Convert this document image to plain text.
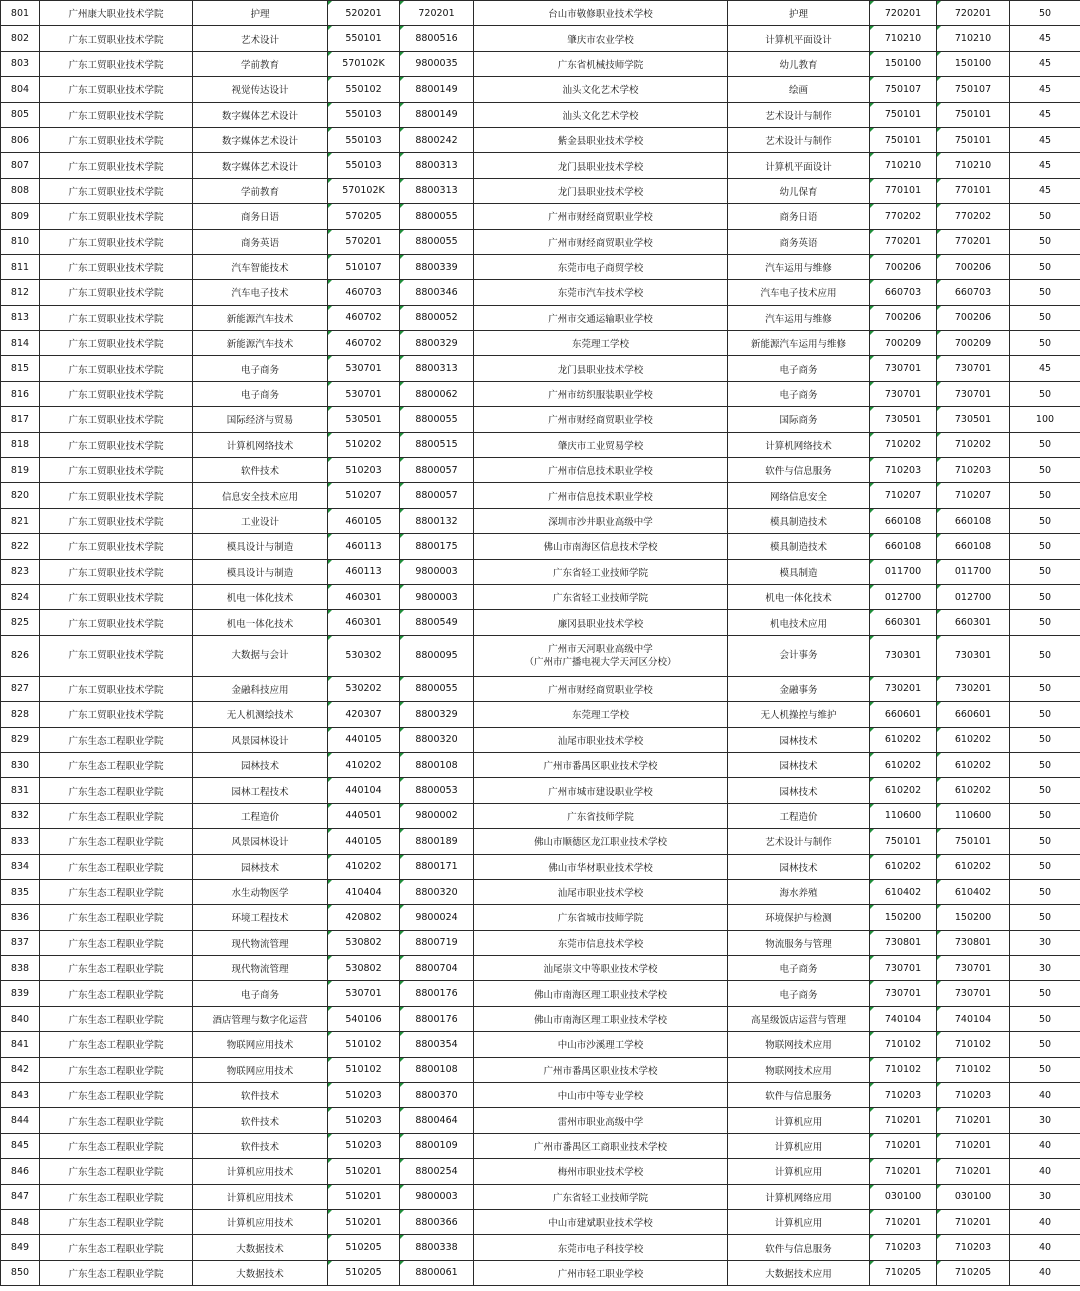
801	广州康大职业技术学院	护理	520201	720201	台山市敬修职业技术学校	护理	720201	720201	50
802	广东工贸职业技术学院	艺术设计	550101	8800516	肇庆市农业学校	计算机平面设计	710210	710210	45
803	广东工贸职业技术学院	学前教育	570102K	9800035	广东省机械技师学院	幼儿教育	150100	150100	45
804	广东工贸职业技术学院	视觉传达设计	550102	8800149	汕头文化艺术学校	绘画	750107	750107	45
805	广东工贸职业技术学院	数字媒体艺术设计	550103	8800149	汕头文化艺术学校	艺术设计与制作	750101	750101	45
806	广东工贸职业技术学院	数字媒体艺术设计	550103	8800242	紫金县职业技术学校	艺术设计与制作	750101	750101	45
807	广东工贸职业技术学院	数字媒体艺术设计	550103	8800313	龙门县职业技术学校	计算机平面设计	710210	710210	45
808	广东工贸职业技术学院	学前教育	570102K	8800313	龙门县职业技术学校	幼儿保育	770101	770101	45
809	广东工贸职业技术学院	商务日语	570205	8800055	广州市财经商贸职业学校	商务日语	770202	770202	50
810	广东工贸职业技术学院	商务英语	570201	8800055	广州市财经商贸职业学校	商务英语	770201	770201	50
811	广东工贸职业技术学院	汽车智能技术	510107	8800339	东莞市电子商贸学校	汽车运用与维修	700206	700206	50
812	广东工贸职业技术学院	汽车电子技术	460703	8800346	东莞市汽车技术学校	汽车电子技术应用	660703	660703	50
813	广东工贸职业技术学院	新能源汽车技术	460702	8800052	广州市交通运输职业学校	汽车运用与维修	700206	700206	50
814	广东工贸职业技术学院	新能源汽车技术	460702	8800329	东莞理工学校	新能源汽车运用与维修	700209	700209	50
815	广东工贸职业技术学院	电子商务	530701	8800313	龙门县职业技术学校	电子商务	730701	730701	45
816	广东工贸职业技术学院	电子商务	530701	8800062	广州市纺织服装职业学校	电子商务	730701	730701	50
817	广东工贸职业技术学院	国际经济与贸易	530501	8800055	广州市财经商贸职业学校	国际商务	730501	730501	100
818	广东工贸职业技术学院	计算机网络技术	510202	8800515	肇庆市工业贸易学校	计算机网络技术	710202	710202	50
819	广东工贸职业技术学院	软件技术	510203	8800057	广州市信息技术职业学校	软件与信息服务	710203	710203	50
820	广东工贸职业技术学院	信息安全技术应用	510207	8800057	广州市信息技术职业学校	网络信息安全	710207	710207	50
821	广东工贸职业技术学院	工业设计	460105	8800132	深圳市沙井职业高级中学	模具制造技术	660108	660108	50
822	广东工贸职业技术学院	模具设计与制造	460113	8800175	佛山市南海区信息技术学校	模具制造技术	660108	660108	50
823	广东工贸职业技术学院	模具设计与制造	460113	9800003	广东省轻工业技师学院	模具制造	011700	011700	50
824	广东工贸职业技术学院	机电一体化技术	460301	9800003	广东省轻工业技师学院	机电一体化技术	012700	012700	50
825	广东工贸职业技术学院	机电一体化技术	460301	8800549	廉冈县职业技术学校	机电技术应用	660301	660301	50
826	广东工贸职业技术学院	大数据与会计	530302	8800095	广州市天河职业高级中学
（广州市广播电视大学天河区分校）	会计事务	730301	730301	50
827	广东工贸职业技术学院	金融科技应用	530202	8800055	广州市财经商贸职业学校	金融事务	730201	730201	50
828	广东工贸职业技术学院	无人机测绘技术	420307	8800329	东莞理工学校	无人机操控与维护	660601	660601	50
829	广东生态工程职业学院	风景园林设计	440105	8800320	汕尾市职业技术学校	园林技术	610202	610202	50
830	广东生态工程职业学院	园林技术	410202	8800108	广州市番禺区职业技术学校	园林技术	610202	610202	50
831	广东生态工程职业学院	园林工程技术	440104	8800053	广州市城市建设职业学校	园林技术	610202	610202	50
832	广东生态工程职业学院	工程造价	440501	9800002	广东省技师学院	工程造价	110600	110600	50
833	广东生态工程职业学院	风景园林设计	440105	8800189	佛山市顺德区龙江职业技术学校	艺术设计与制作	750101	750101	50
834	广东生态工程职业学院	园林技术	410202	8800171	佛山市华材职业技术学校	园林技术	610202	610202	50
835	广东生态工程职业学院	水生动物医学	410404	8800320	汕尾市职业技术学校	海水养殖	610402	610402	50
836	广东生态工程职业学院	环境工程技术	420802	9800024	广东省城市技师学院	环境保护与检测	150200	150200	50
837	广东生态工程职业学院	现代物流管理	530802	8800719	东莞市信息技术学校	物流服务与管理	730801	730801	30
838	广东生态工程职业学院	现代物流管理	530802	8800704	汕尾崇文中等职业技术学校	电子商务	730701	730701	30
839	广东生态工程职业学院	电子商务	530701	8800176	佛山市南海区理工职业技术学校	电子商务	730701	730701	50
840	广东生态工程职业学院	酒店管理与数字化运营	540106	8800176	佛山市南海区理工职业技术学校	高星级饭店运营与管理	740104	740104	50
841	广东生态工程职业学院	物联网应用技术	510102	8800354	中山市沙溪理工学校	物联网技术应用	710102	710102	50
842	广东生态工程职业学院	物联网应用技术	510102	8800108	广州市番禺区职业技术学校	物联网技术应用	710102	710102	50
843	广东生态工程职业学院	软件技术	510203	8800370	中山市中等专业学校	软件与信息服务	710203	710203	40
844	广东生态工程职业学院	软件技术	510203	8800464	雷州市职业高级中学	计算机应用	710201	710201	30
845	广东生态工程职业学院	软件技术	510203	8800109	广州市番禺区工商职业技术学校	计算机应用	710201	710201	40
846	广东生态工程职业学院	计算机应用技术	510201	8800254	梅州市职业技术学校	计算机应用	710201	710201	40
847	广东生态工程职业学院	计算机应用技术	510201	9800003	广东省轻工业技师学院	计算机网络应用	030100	030100	30
848	广东生态工程职业学院	计算机应用技术	510201	8800366	中山市建斌职业技术学校	计算机应用	710201	710201	40
849	广东生态工程职业学院	大数据技术	510205	8800338	东莞市电子科技学校	软件与信息服务	710203	710203	40
850	广东生态工程职业学院	大数据技术	510205	8800061	广州市轻工职业学校	大数据技术应用	710205	710205	40
